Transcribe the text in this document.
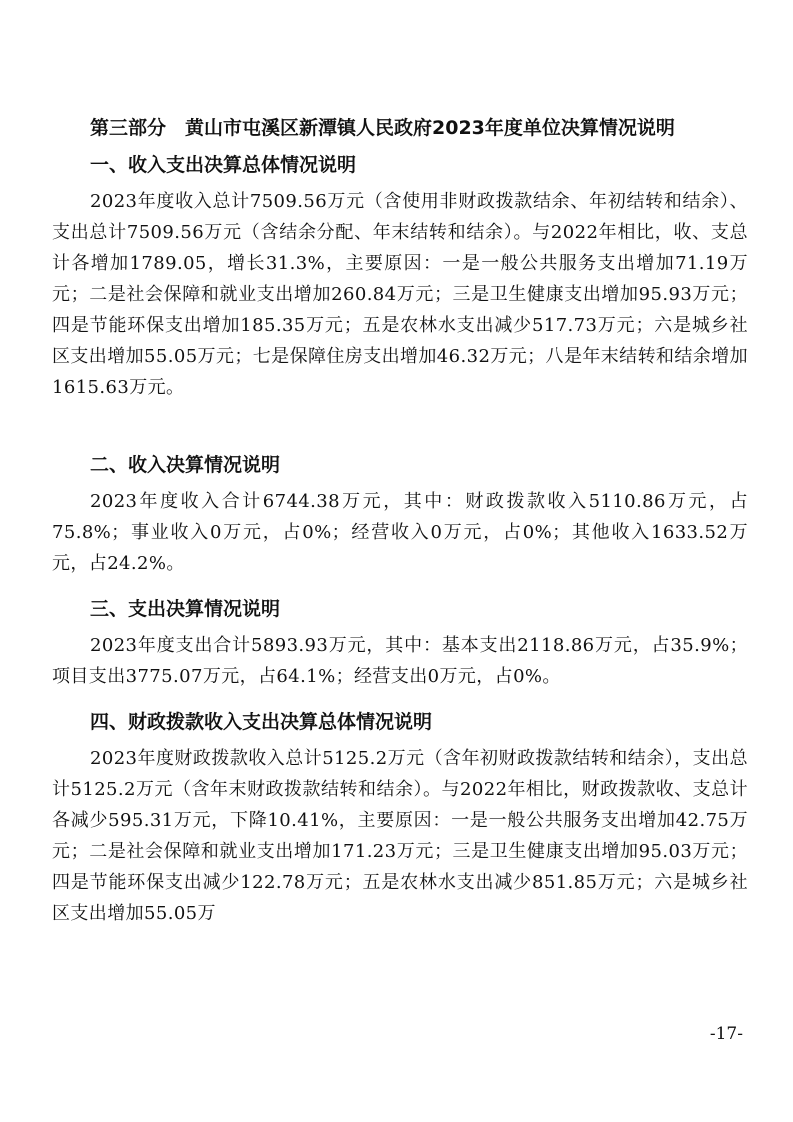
第三部分　黄山市屯溪区新潭镇人民政府2023年度单位决算情况说明
一、收入支出决算总体情况说明
2023年度收入总计7509.56万元（含使用非财政拨款结余、年初结转和结余）、支出总计7509.56万元（含结余分配、年末结转和结余）。与2022年相比，收、支总计各增加1789.05，增长31.3%，主要原因：一是一般公共服务支出增加71.19万元；二是社会保障和就业支出增加260.84万元；三是卫生健康支出增加95.93万元；四是节能环保支出增加185.35万元；五是农林水支出减少517.73万元；六是城乡社区支出增加55.05万元；七是保障住房支出增加46.32万元；八是年末结转和结余增加1615.63万元。
二、收入决算情况说明
2023年度收入合计6744.38万元，其中：财政拨款收入5110.86万元，占75.8%；事业收入0万元，占0%；经营收入0万元，占0%；其他收入1633.52万元，占24.2%。
三、支出决算情况说明
2023年度支出合计5893.93万元，其中：基本支出2118.86万元，占35.9%；项目支出3775.07万元，占64.1%；经营支出0万元，占0%。
四、财政拨款收入支出决算总体情况说明
2023年度财政拨款收入总计5125.2万元（含年初财政拨款结转和结余），支出总计5125.2万元（含年末财政拨款结转和结余）。与2022年相比，财政拨款收、支总计各减少595.31万元，下降10.41%，主要原因：一是一般公共服务支出增加42.75万元；二是社会保障和就业支出增加171.23万元；三是卫生健康支出增加95.03万元；四是节能环保支出减少122.78万元；五是农林水支出减少851.85万元；六是城乡社区支出增加55.05万
-17-
